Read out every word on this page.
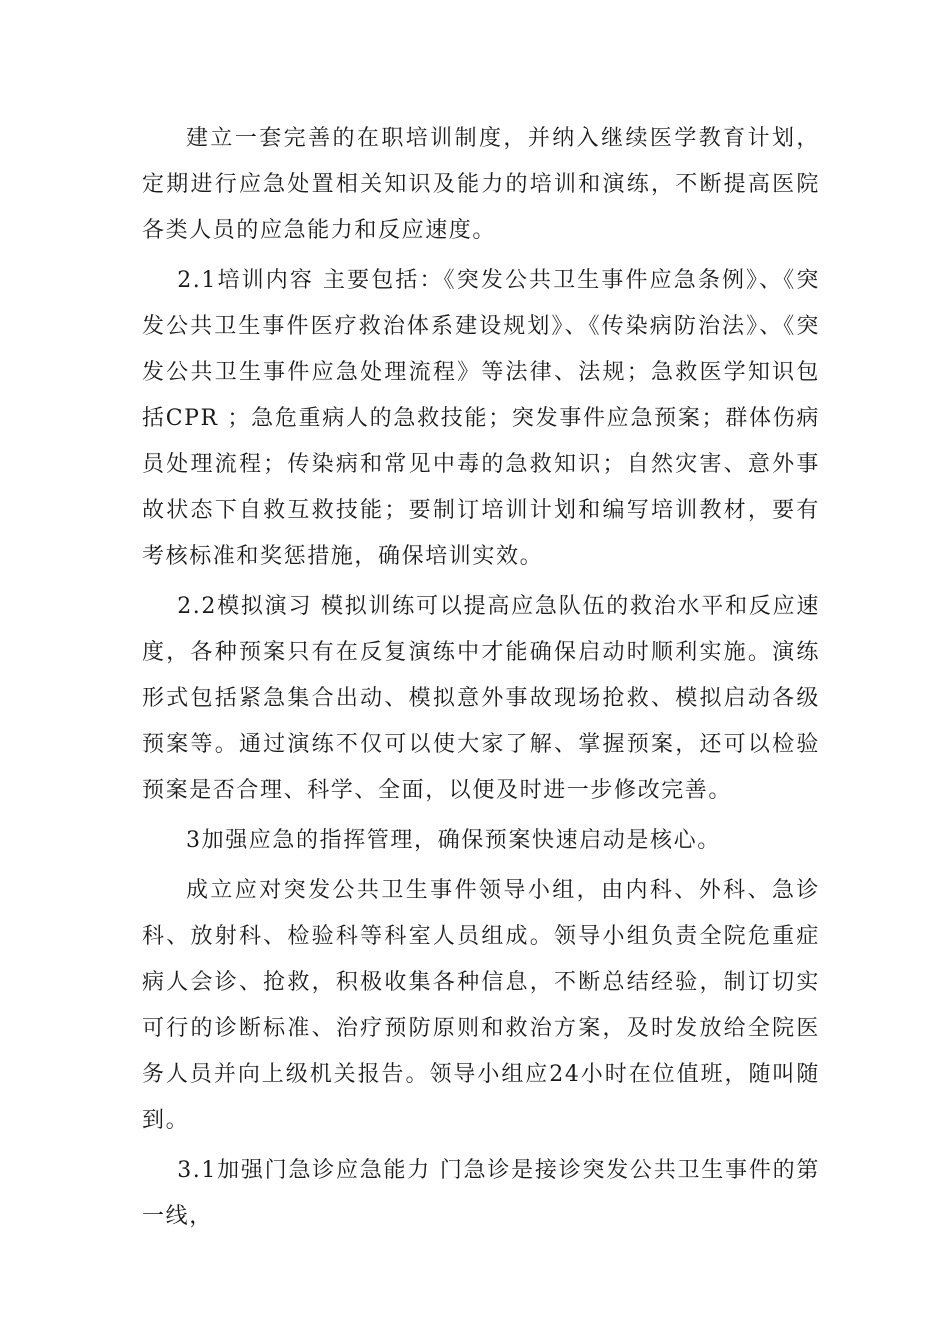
建立一套完善的在职培训制度，并纳入继续医学教育计划，定期进行应急处置相关知识及能力的培训和演练，不断提高医院各类人员的应急能力和反应速度。

2.1培训内容 主要包括：《突发公共卫生事件应急条例》、《突发公共卫生事件医疗救治体系建设规划》、《传染病防治法》、《突发公共卫生事件应急处理流程》等法律、法规；急救医学知识包括CPR ；急危重病人的急救技能；突发事件应急预案；群体伤病员处理流程；传染病和常见中毒的急救知识；自然灾害、意外事故状态下自救互救技能；要制订培训计划和编写培训教材，要有考核标准和奖惩措施，确保培训实效。

2.2模拟演习 模拟训练可以提高应急队伍的救治水平和反应速度，各种预案只有在反复演练中才能确保启动时顺利实施。演练形式包括紧急集合出动、模拟意外事故现场抢救、模拟启动各级预案等。通过演练不仅可以使大家了解、掌握预案，还可以检验预案是否合理、科学、全面，以便及时进一步修改完善。

3加强应急的指挥管理，确保预案快速启动是核心。

成立应对突发公共卫生事件领导小组，由内科、外科、急诊科、放射科、检验科等科室人员组成。领导小组负责全院危重症病人会诊、抢救，积极收集各种信息，不断总结经验，制订切实可行的诊断标准、治疗预防原则和救治方案，及时发放给全院医务人员并向上级机关报告。领导小组应24小时在位值班，随叫随到。

3.1加强门急诊应急能力 门急诊是接诊突发公共卫生事件的第一线，
